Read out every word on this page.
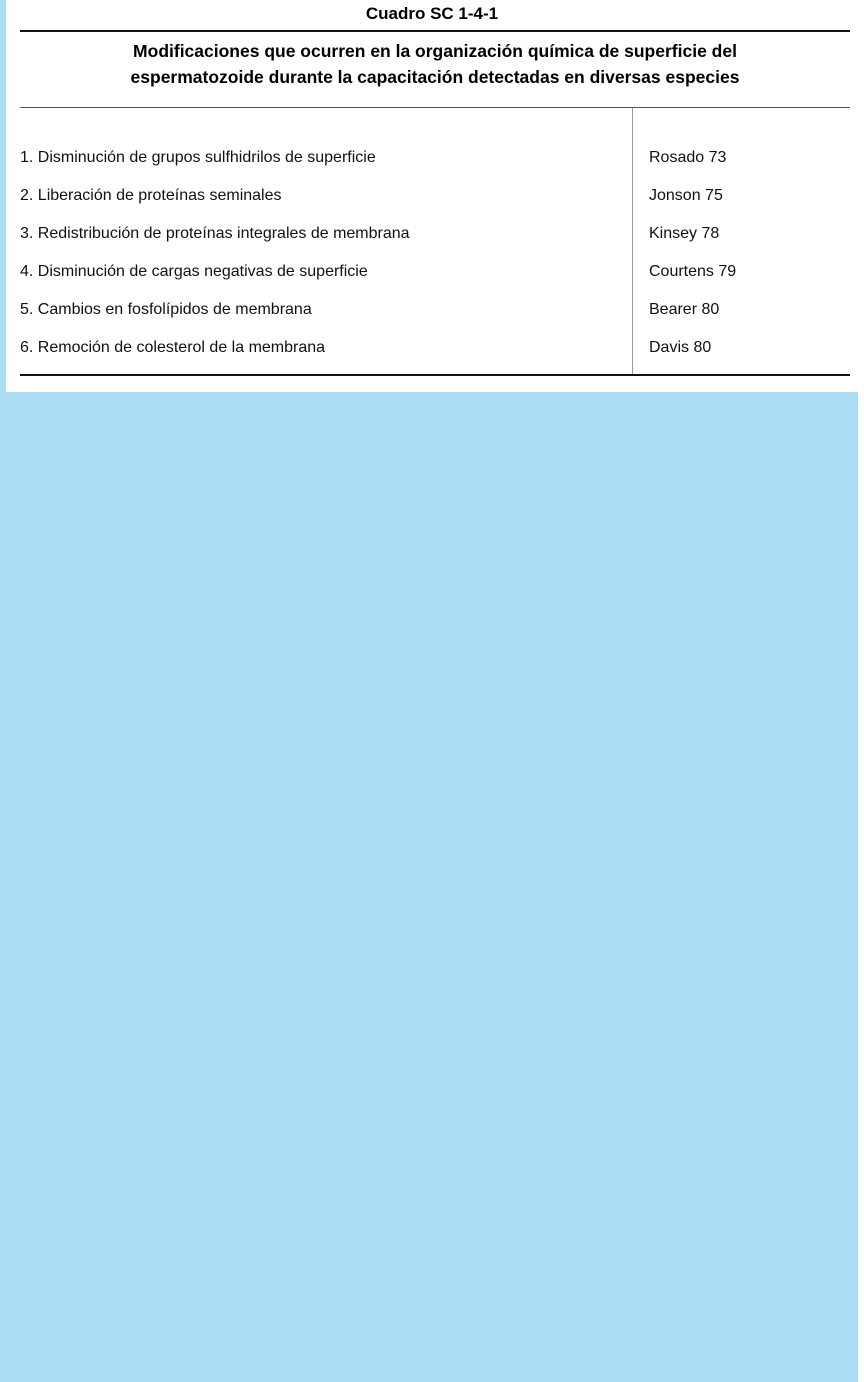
Cuadro SC 1-4-1
Modificaciones que ocurren en la organización química de superficie del
espermatozoide durante la capacitación detectadas en diversas especies
1. Disminución de grupos sulfhidrilos de superficie	Rosado 73
2. Liberación de proteínas seminales	Jonson 75
3. Redistribución de proteínas integrales de membrana	Kinsey 78
4. Disminución de cargas negativas de superficie	Courtens 79
5. Cambios en fosfolípidos de membrana	Bearer 80
6. Remoción de colesterol de la membrana	Davis 80
